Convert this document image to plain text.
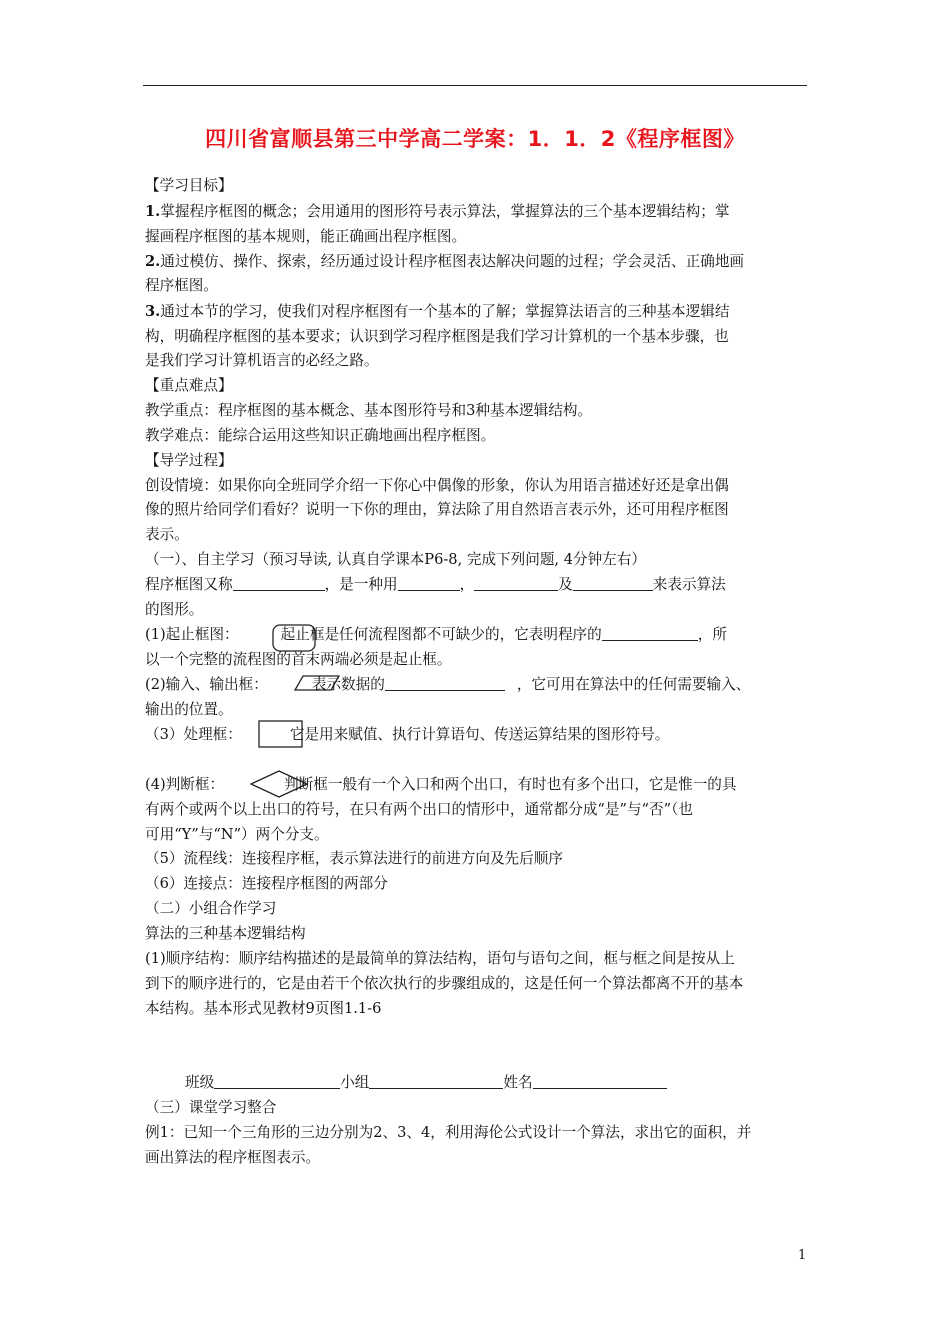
四川省富顺县第三中学高二学案：1．1．2《程序框图》
【学习目标】
1.掌握程序框图的概念；会用通用的图形符号表示算法，掌握算法的三个基本逻辑结构；掌
握画程序框图的基本规则，能正确画出程序框图。
2.通过模仿、操作、探索，经历通过设计程序框图表达解决问题的过程；学会灵活、正确地画
程序框图。
3.通过本节的学习，使我们对程序框图有一个基本的了解；掌握算法语言的三种基本逻辑结
构，明确程序框图的基本要求；认识到学习程序框图是我们学习计算机的一个基本步骤，也
是我们学习计算机语言的必经之路。
【重点难点】
教学重点：程序框图的基本概念、基本图形符号和3种基本逻辑结构。
教学难点：能综合运用这些知识正确地画出程序框图。
【导学过程】
创设情境：如果你向全班同学介绍一下你心中偶像的形象，你认为用语言描述好还是拿出偶
像的照片给同学们看好？说明一下你的理由，算法除了用自然语言表示外，还可用程序框图
表示。
（一）、自主学习（预习导读, 认真自学课本P6-8, 完成下列问题, 4分钟左右）
程序框图又称	，是一种用	，	及	来表示算法
的图形。
(1)起止框图：	起止框是任何流程图都不可缺少的，它表明程序的	，所
以一个完整的流程图的首末两端必须是起止框。
(2)输入、输出框：	表示数据的	，它可用在算法中的任何需要输入、
输出的位置。
（3）处理框：	它是用来赋值、执行计算语句、传送运算结果的图形符号。
(4)判断框：	判断框一般有一个入口和两个出口，有时也有多个出口，它是惟一的具
有两个或两个以上出口的符号，在只有两个出口的情形中，通常都分成“是”与“否”（也
可用“Y”与“N”）两个分支。
（5）流程线：连接程序框，表示算法进行的前进方向及先后顺序
（6）连接点：连接程序框图的两部分
（二）小组合作学习
算法的三种基本逻辑结构
(1)顺序结构：顺序结构描述的是最简单的算法结构，语句与语句之间，框与框之间是按从上
到下的顺序进行的，它是由若干个依次执行的步骤组成的，这是任何一个算法都离不开的基本
本结构。基本形式见教材9页图1.1-6
班级	小组	姓名
（三）课堂学习整合
例1：已知一个三角形的三边分别为2、3、4，利用海伦公式设计一个算法，求出它的面积，并
画出算法的程序框图表示。
1
